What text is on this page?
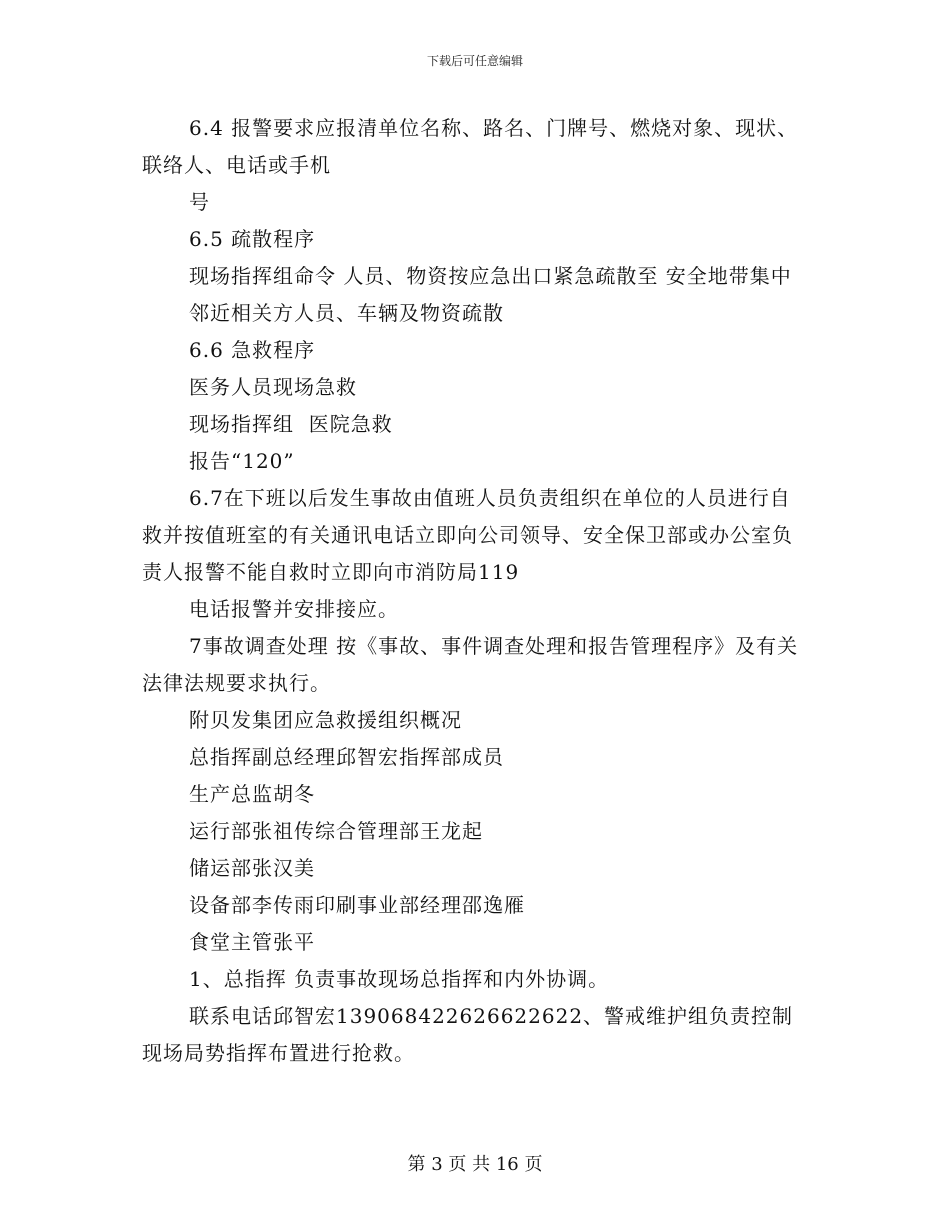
下载后可任意编辑

6.4 报警要求应报清单位名称、路名、门牌号、燃烧对象、现状、联络人、电话或手机

号

6.5 疏散程序

现场指挥组命令 人员、物资按应急出口紧急疏散至 安全地带集中

邻近相关方人员、车辆及物资疏散

6.6 急救程序

医务人员现场急救

现场指挥组  医院急救

报告“120”

6.7在下班以后发生事故由值班人员负责组织在单位的人员进行自救并按值班室的有关通讯电话立即向公司领导、安全保卫部或办公室负责人报警不能自救时立即向市消防局119

电话报警并安排接应。

7事故调查处理 按《事故、事件调查处理和报告管理程序》及有关法律法规要求执行。

附贝发集团应急救援组织概况

总指挥副总经理邱智宏指挥部成员

生产总监胡冬

运行部张祖传综合管理部王龙起

储运部张汉美

设备部李传雨印刷事业部经理邵逸雁

食堂主管张平

1、总指挥 负责事故现场总指挥和内外协调。

联系电话邱智宏139068422626622622、警戒维护组负责控制现场局势指挥布置进行抢救。

第 3 页 共 16 页
